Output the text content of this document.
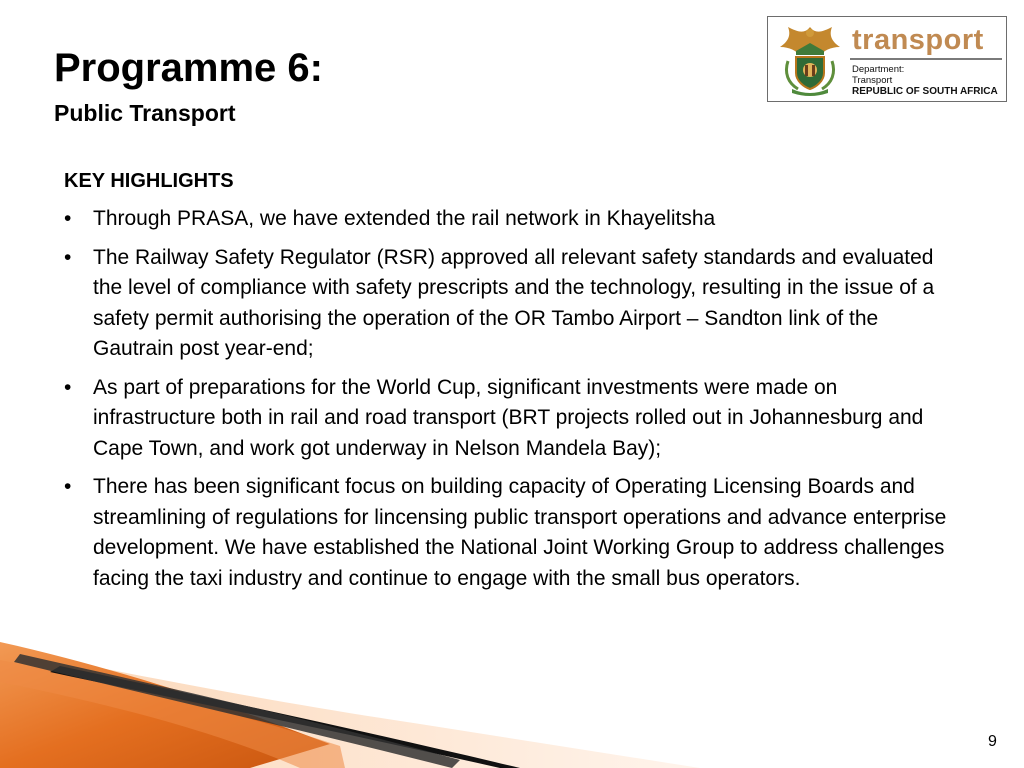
Programme 6:
Public Transport
transport
Department:
Transport
REPUBLIC OF SOUTH AFRICA
KEY HIGHLIGHTS
• Through PRASA, we have extended the rail network in Khayelitsha
• The Railway Safety Regulator (RSR) approved all relevant safety standards and evaluated the level of compliance with safety prescripts and the technology, resulting in the issue of a safety permit authorising the operation of the OR Tambo Airport – Sandton link of the Gautrain post year-end;
• As part of preparations for the World Cup, significant investments were made on infrastructure both in rail and road transport (BRT projects rolled out in Johannesburg and Cape Town, and work got underway in Nelson Mandela Bay);
• There has been significant focus on building capacity of Operating Licensing Boards and streamlining of regulations for lincensing public transport operations and advance enterprise development. We have established the National Joint Working Group to address challenges facing the taxi industry and continue to engage with the small bus operators.
9
